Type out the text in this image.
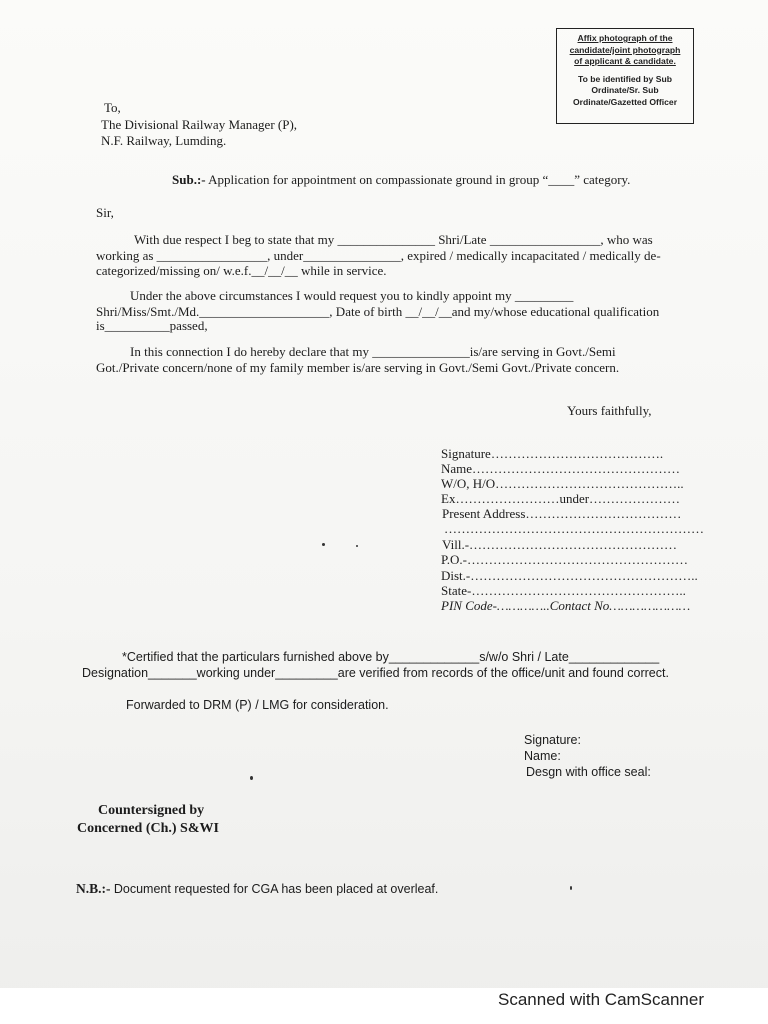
Affix photograph of the
candidate/joint photograph
of applicant & candidate.
To be identified by Sub
Ordinate/Sr. Sub
Ordinate/Gazetted Officer
To,
The Divisional Railway Manager (P),
N.F. Railway, Lumding.
Sub.:- Application for appointment on compassionate ground in group “____” category.
Sir,
With due respect I beg to state that my _______________ Shri/Late _________________, who was
working as _________________, under_______________, expired / medically incapacitated / medically de-
categorized/missing on/ w.e.f.__/__/__ while in service.
Under the above circumstances I would request you to kindly appoint my _________
Shri/Miss/Smt./Md.____________________, Date of birth __/__/__and my/whose educational qualification
is__________passed,
In this connection I do hereby declare that my _______________is/are serving in Govt./Semi
Got./Private concern/none of my family member is/are serving in Govt./Semi Govt./Private concern.
Yours faithfully,
Signature………………………………….
Name…………………………………………
W/O, H/O……………………………………..
Ex……………………under…………………
Present Address………………………………
……………………………………………………
Vill.-…………………………………………
P.O.-……………………………………………
Dist.-……………………………………………..
State-…………………………………………..
PIN Code-…………..Contact No…………………
*Certified that the particulars furnished above by_____________s/w/o Shri / Late_____________
Designation_______working under_________are verified from records of the office/unit and found correct.
Forwarded to DRM (P) / LMG for consideration.
Signature:
Name:
Desgn with office seal:
Countersigned by
Concerned (Ch.) S&WI
N.B.:- Document requested for CGA has been placed at overleaf.
Scanned with CamScanner
